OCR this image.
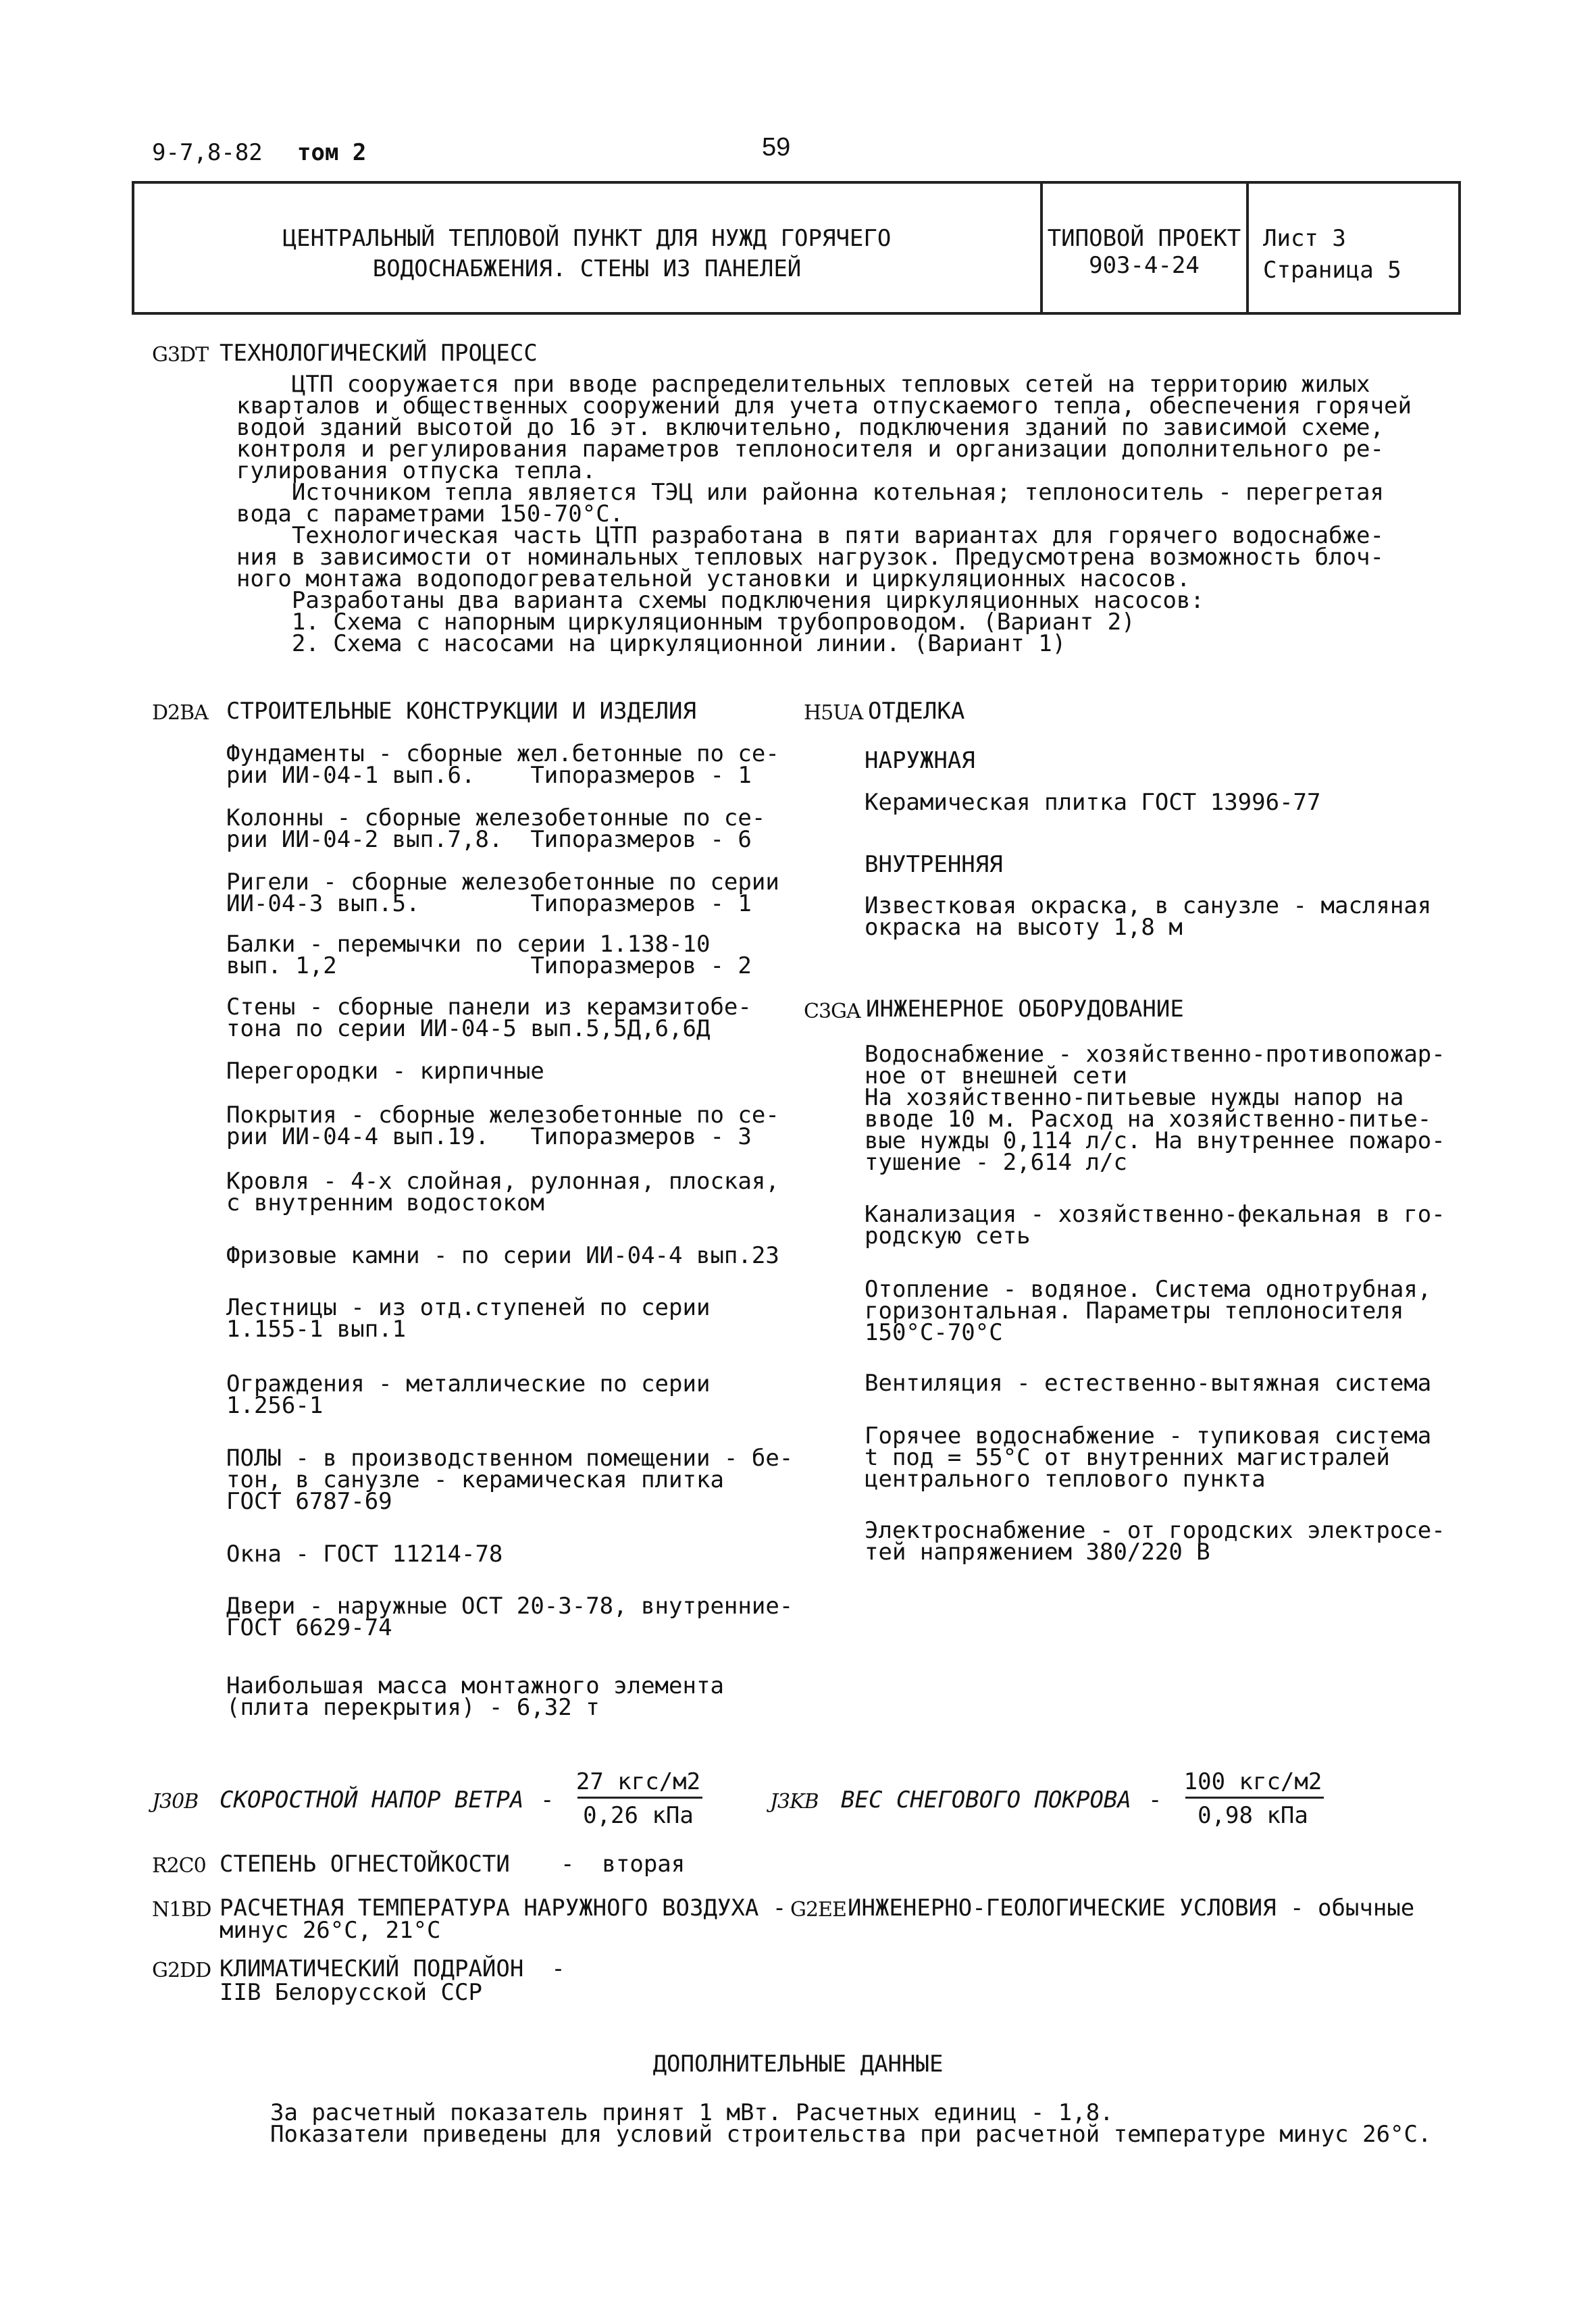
9-7,8-82 том 2	59
ЦЕНТРАЛЬНЫЙ ТЕПЛОВОЙ ПУНКТ ДЛЯ НУЖД ГОРЯЧЕГО
ВОДОСНАБЖЕНИЯ. СТЕНЫ ИЗ ПАНЕЛЕЙ
ТИПОВОЙ ПРОЕКТ
903-4-24
Лист 3
Страница 5
G3DT ТЕХНОЛОГИЧЕСКИЙ ПРОЦЕСС
ЦТП сооружается при вводе распределительных тепловых сетей на территорию жилых
кварталов и общественных сооружений для учета отпускаемого тепла, обеспечения горячей
водой зданий высотой до 16 эт. включительно, подключения зданий по зависимой схеме,
контроля и регулирования параметров теплоносителя и организации дополнительного ре-
гулирования отпуска тепла.
Источником тепла является ТЭЦ или районна котельная; теплоноситель - перегретая
вода с параметрами 150-70°С.
Технологическая часть ЦТП разработана в пяти вариантах для горячего водоснабже-
ния в зависимости от номинальных тепловых нагрузок. Предусмотрена возможность блоч-
ного монтажа водоподогревательной установки и циркуляционных насосов.
Разработаны два варианта схемы подключения циркуляционных насосов:
1. Схема с напорным циркуляционным трубопроводом. (Вариант 2)
2. Схема с насосами на циркуляционной линии. (Вариант 1)
D2BA СТРОИТЕЛЬНЫЕ КОНСТРУКЦИИ И ИЗДЕЛИЯ
Фундаменты - сборные жел.бетонные по се-
рии ИИ-04-1 вып.6.    Типоразмеров - 1
Колонны - сборные железобетонные по се-
рии ИИ-04-2 вып.7,8.  Типоразмеров - 6
Ригели - сборные железобетонные по серии
ИИ-04-3 вып.5.        Типоразмеров - 1
Балки - перемычки по серии 1.138-10
вып. 1,2              Типоразмеров - 2
Стены - сборные панели из керамзитобе-
тона по серии ИИ-04-5 вып.5,5Д,6,6Д
Перегородки - кирпичные
Покрытия - сборные железобетонные по се-
рии ИИ-04-4 вып.19.   Типоразмеров - 3
Кровля - 4-х слойная, рулонная, плоская,
с внутренним водостоком
Фризовые камни - по серии ИИ-04-4 вып.23
Лестницы - из отд.ступеней по серии
1.155-1 вып.1
Ограждения - металлические по серии
1.256-1
ПОЛЫ - в производственном помещении - бе-
тон, в санузле - керамическая плитка
ГОСТ 6787-69
Окна - ГОСТ 11214-78
Двери - наружные ОСТ 20-3-78, внутренние-
ГОСТ 6629-74
Наибольшая масса монтажного элемента
(плита перекрытия) - 6,32 т
H5UA ОТДЕЛКА
НАРУЖНАЯ
Керамическая плитка ГОСТ 13996-77
ВНУТРЕННЯЯ
Известковая окраска, в санузле - масляная
окраска на высоту 1,8 м
C3GA ИНЖЕНЕРНОЕ ОБОРУДОВАНИЕ
Водоснабжение - хозяйственно-противопожар-
ное от внешней сети
На хозяйственно-питьевые нужды напор на
вводе 10 м. Расход на хозяйственно-питье-
вые нужды 0,114 л/с. На внутреннее пожаро-
тушение - 2,614 л/с
Канализация - хозяйственно-фекальная в го-
родскую сеть
Отопление - водяное. Система однотрубная,
горизонтальная. Параметры теплоносителя
150°С-70°С
Вентиляция - естественно-вытяжная система
Горячее водоснабжение - тупиковая система
t под = 55°С от внутренних магистралей
центрального теплового пункта
Электроснабжение - от городских электросе-
тей напряжением 380/220 В
J30B СКОРОСТНОЙ НАПОР ВЕТРА -
27 кгс/м2
0,26 кПа
J3KB ВЕС СНЕГОВОГО ПОКРОВА -
100 кгс/м2
0,98 кПа
R2C0 СТЕПЕНЬ ОГНЕСТОЙКОСТИ -  вторая
N1BD РАСЧЕТНАЯ ТЕМПЕРАТУРА НАРУЖНОГО ВОЗДУХА -
минус 26°С, 21°С
G2EE ИНЖЕНЕРНО-ГЕОЛОГИЧЕСКИЕ УСЛОВИЯ - обычные
G2DD КЛИМАТИЧЕСКИЙ ПОДРАЙОН  -
IIВ Белорусской ССР
ДОПОЛНИТЕЛЬНЫЕ ДАННЫЕ
За расчетный показатель принят 1 мВт. Расчетных единиц - 1,8.
Показатели приведены для условий строительства при расчетной температуре минус 26°С.
